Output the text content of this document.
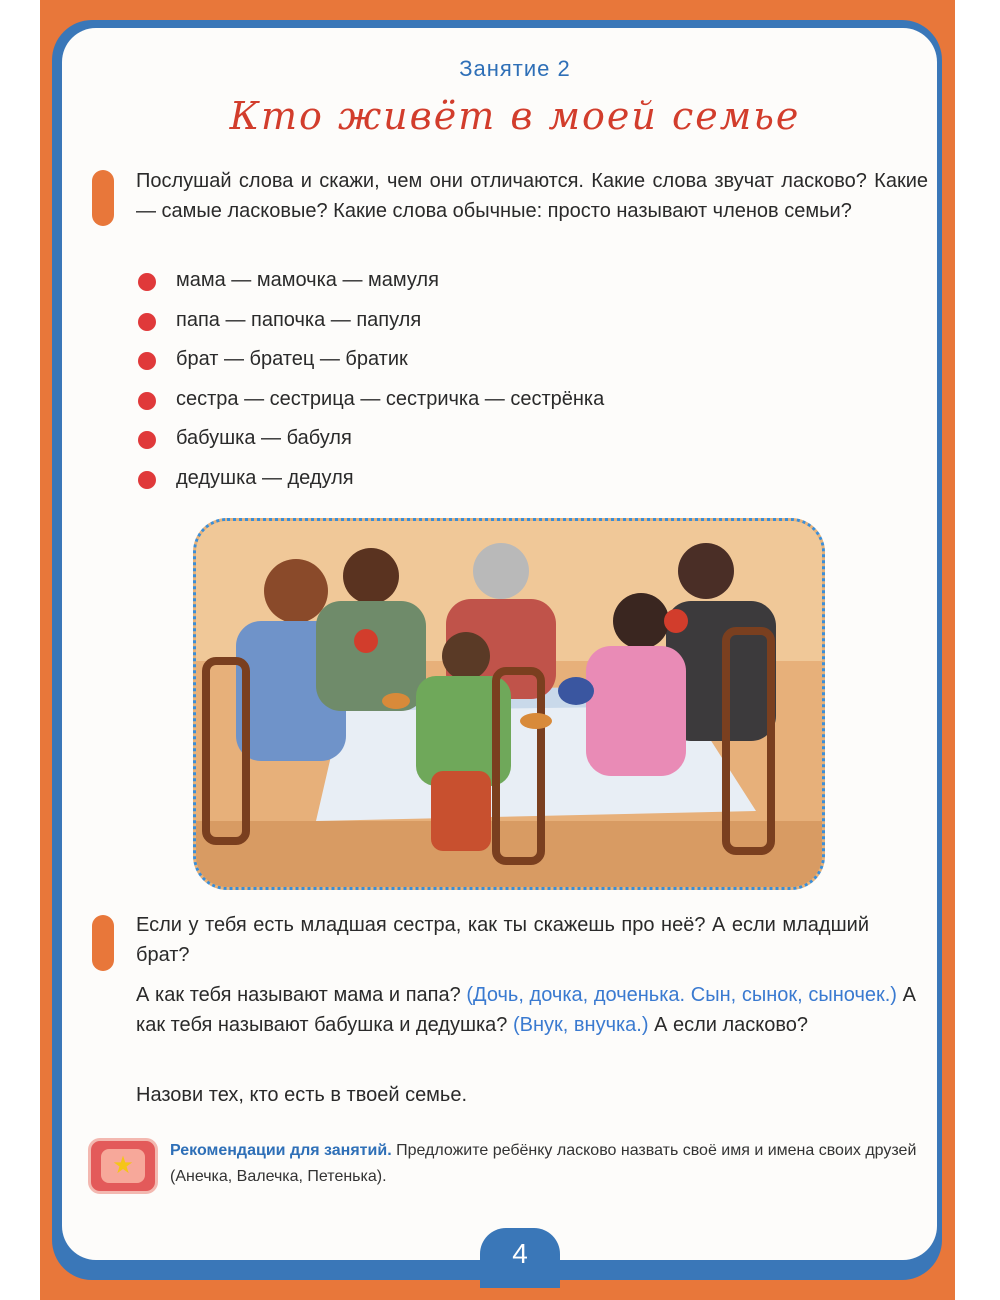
Занятие 2
Кто живёт в моей семье
Послушай слова и скажи, чем они отличаются. Какие слова звучат ласково? Какие — самые ласковые? Какие слова обычные: просто называют членов семьи?
мама — мамочка — мамуля
папа — папочка — папуля
брат — братец — братик
сестра — сестрица — сестричка — сестрёнка
бабушка — бабуля
дедушка — дедуля
Если у тебя есть младшая сестра, как ты скажешь про неё? А если младший брат?
А как тебя называют мама и папа? (Дочь, дочка, доченька. Сын, сынок, сыночек.) А как тебя называют бабушка и дедушка? (Внук, внучка.) А если ласково?
Назови тех, кто есть в твоей семье.
★
Рекомендации для занятий. Предложите ребёнку ласково назвать своё имя и имена своих друзей (Анечка, Валечка, Петенька).
4
